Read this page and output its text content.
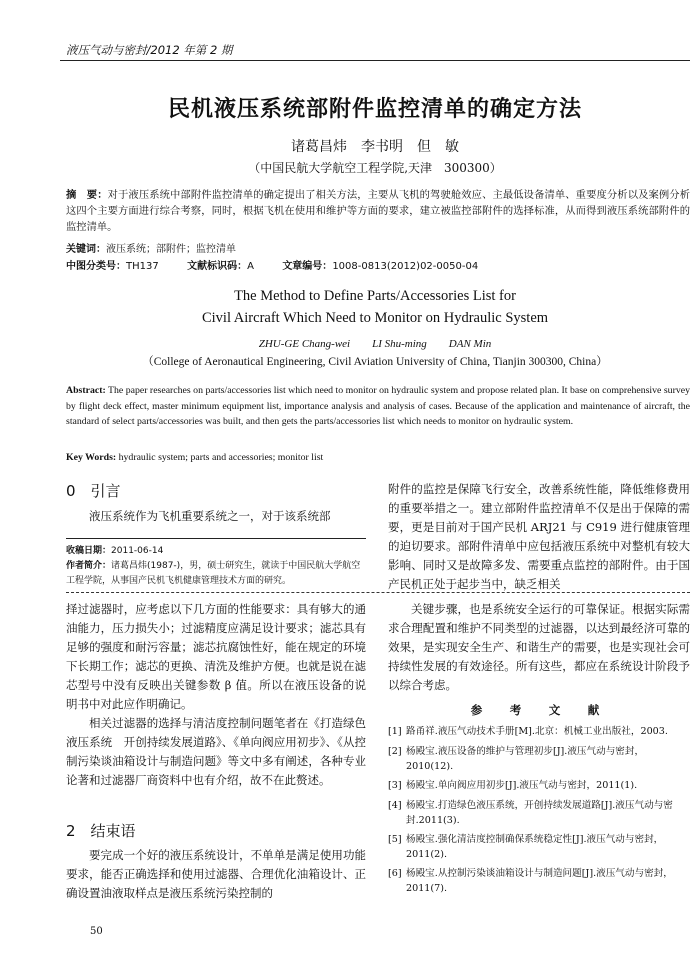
液压气动与密封/2012 年第 2 期
民机液压系统部附件监控清单的确定方法
诸葛昌炜　李书明　但　敏
（中国民航大学航空工程学院,天津　300300）
摘　要：对于液压系统中部附件监控清单的确定提出了相关方法，主要从飞机的驾驶舱效应、主最低设备清单、重要度分析以及案例分析这四个主要方面进行综合考察，同时，根据飞机在使用和维护等方面的要求，建立被监控部附件的选择标准，从而得到液压系统部附件的监控清单。
关键词：液压系统；部附件；监控清单
中图分类号：TH137	文献标识码：A	文章编号：1008-0813(2012)02-0050-04
The Method to Define Parts/Accessories List for
Civil Aircraft Which Need to Monitor on Hydraulic System
ZHU-GE Chang-wei　　LI Shu-ming　　DAN Min
（College of Aeronautical Engineering, Civil Aviation University of China, Tianjin 300300, China）
Abstract: The paper researches on parts/accessories list which need to monitor on hydraulic system and propose related plan. It base on comprehensive survey by flight deck effect, master minimum equipment list, importance analysis and analysis of cases. Because of the application and maintenance of aircraft, the standard of select parts/accessories was built, and then gets the parts/accessories list which needs to monitor on hydraulic system.
Key Words: hydraulic system; parts and accessories; monitor list
0　引言
液压系统作为飞机重要系统之一，对于该系统部
收稿日期：2011-06-14
作者简介：诸葛昌炜(1987-)，男，硕士研究生，就读于中国民航大学航空工程学院，从事国产民机飞机健康管理技术方面的研究。
附件的监控是保障飞行安全，改善系统性能，降低维修费用的重要举措之一。建立部附件监控清单不仅是出于保障的需要，更是目前对于国产民机 ARJ21 与 C919 进行健康管理的迫切要求。部附件清单中应包括液压系统中对整机有较大影响、同时又是故障多发、需要重点监控的部附件。由于国产民机正处于起步当中，缺乏相关
择过滤器时，应考虑以下几方面的性能要求：具有够大的通油能力，压力损失小；过滤精度应满足设计要求；滤芯具有足够的强度和耐污容量；滤芯抗腐蚀性好，能在规定的环境下长期工作；滤芯的更换、清洗及维护方便。也就是说在滤芯型号中没有反映出关键参数 β 值。所以在液压设备的说明书中对此应作明确记。
相关过滤器的选择与清洁度控制问题笔者在《打造绿色液压系统　开创持续发展道路》、《单向阀应用初步》、《从控制污染谈油箱设计与制造问题》等文中多有阐述，各种专业论著和过滤器厂商资料中也有介绍，故不在此赘述。
2　结束语
要完成一个好的液压系统设计，不单单是满足使用功能要求，能否正确选择和使用过滤器、合理优化油箱设计、正确设置油液取样点是液压系统污染控制的
关键步骤，也是系统安全运行的可靠保证。根据实际需求合理配置和维护不同类型的过滤器，以达到最经济可靠的效果，是实现安全生产、和谐生产的需要，也是实现社会可持续性发展的有效途径。所有这些，都应在系统设计阶段予以综合考虑。
参　考　文　献
[1] 路甬祥.液压气动技术手册[M].北京：机械工业出版社，2003.
[2] 杨殿宝.液压设备的维护与管理初步[J].液压气动与密封，2010(12).
[3] 杨殿宝.单向阀应用初步[J].液压气动与密封，2011(1).
[4] 杨殿宝.打造绿色液压系统，开创持续发展道路[J].液压气动与密封.2011(3).
[5] 杨殿宝.强化清洁度控制确保系统稳定性[J].液压气动与密封，2011(2).
[6] 杨殿宝.从控制污染谈油箱设计与制造问题[J].液压气动与密封，2011(7).
50
